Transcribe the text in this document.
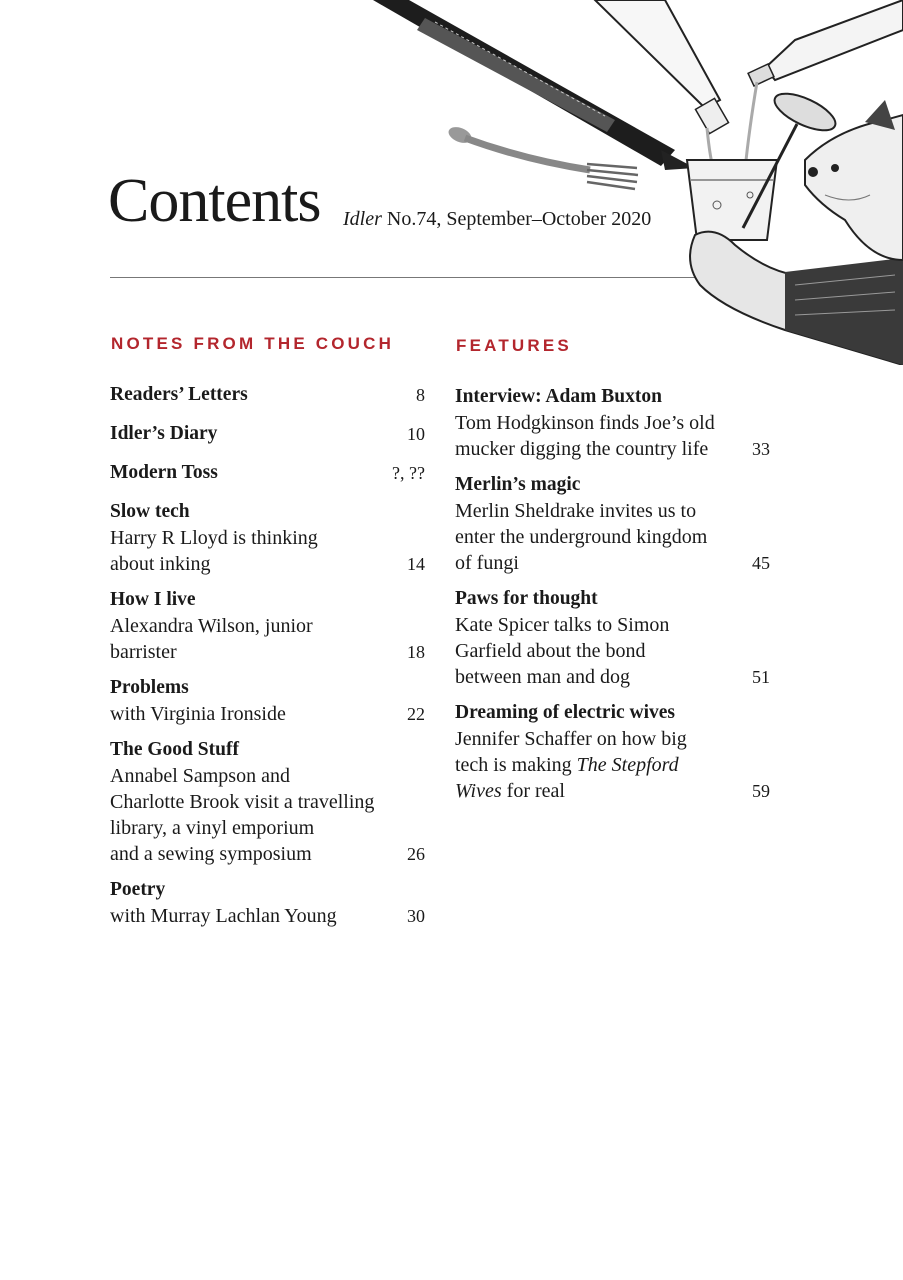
Contents Idler No.74, September–October 2020
NOTES FROM THE COUCH	FEATURES
Readers’ Letters	8
Idler’s Diary	10
Modern Toss	?, ??
Slow tech
Harry R Lloyd is thinking
about inking	14
How I live
Alexandra Wilson, junior
barrister	18
Problems
with Virginia Ironside	22
The Good Stuff
Annabel Sampson and
Charlotte Brook visit a travelling
library, a vinyl emporium
and a sewing symposium	26
Poetry
with Murray Lachlan Young	30
Interview: Adam Buxton
Tom Hodgkinson finds Joe’s old
mucker digging the country life 33
Merlin’s magic
Merlin Sheldrake invites us to
enter the underground kingdom
of fungi	45
Paws for thought
Kate Spicer talks to Simon
Garfield about the bond
between man and dog	51
Dreaming of electric wives
Jennifer Schaffer on how big
tech is making The Stepford
Wives for real	59
